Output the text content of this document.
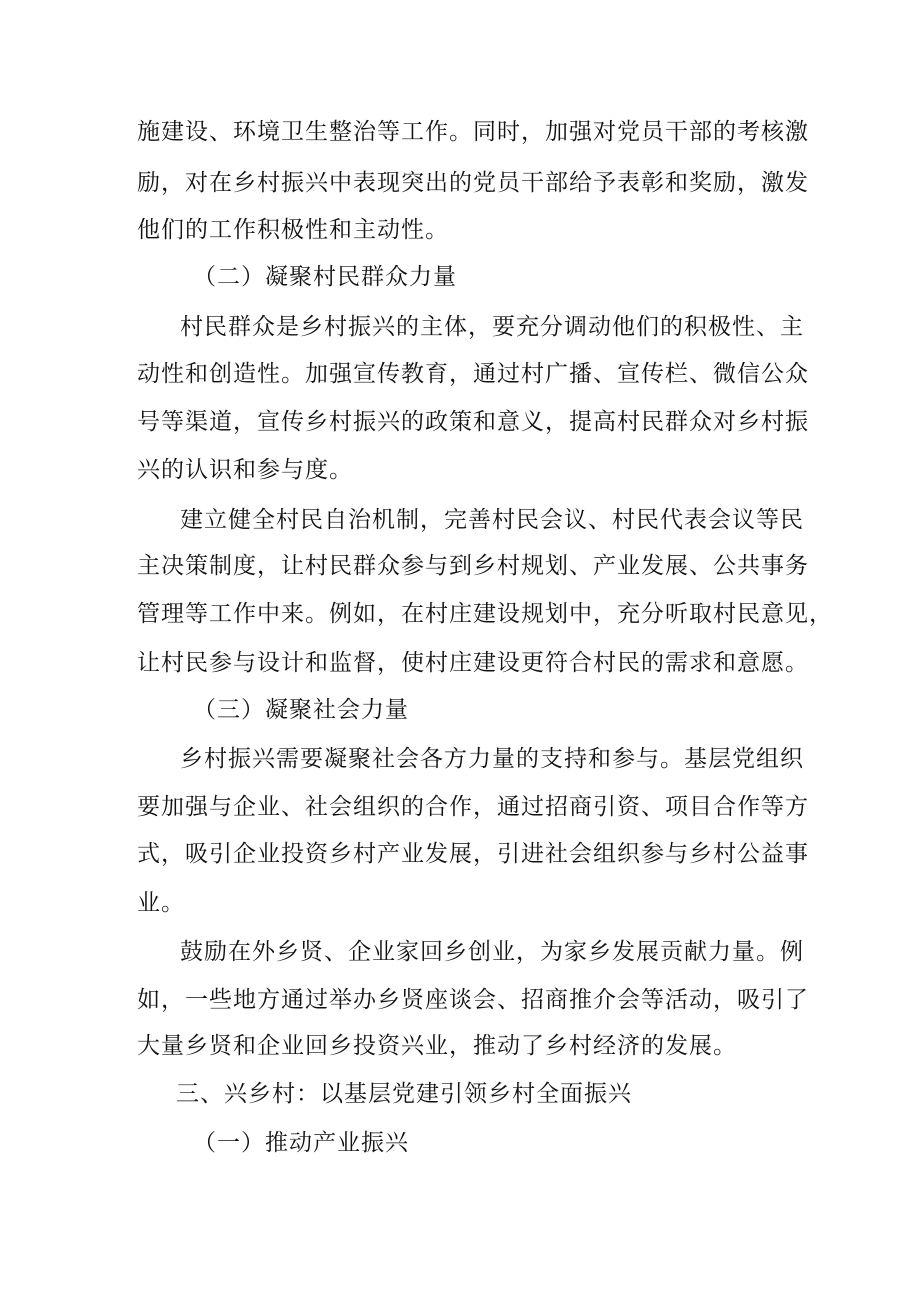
施建设、环境卫生整治等工作。同时，加强对党员干部的考核激
励，对在乡村振兴中表现突出的党员干部给予表彰和奖励，激发
他们的工作积极性和主动性。
（二）凝聚村民群众力量
村民群众是乡村振兴的主体，要充分调动他们的积极性、主
动性和创造性。加强宣传教育，通过村广播、宣传栏、微信公众
号等渠道，宣传乡村振兴的政策和意义，提高村民群众对乡村振
兴的认识和参与度。
建立健全村民自治机制，完善村民会议、村民代表会议等民
主决策制度，让村民群众参与到乡村规划、产业发展、公共事务
管理等工作中来。例如，在村庄建设规划中，充分听取村民意见，
让村民参与设计和监督，使村庄建设更符合村民的需求和意愿。
（三）凝聚社会力量
乡村振兴需要凝聚社会各方力量的支持和参与。基层党组织
要加强与企业、社会组织的合作，通过招商引资、项目合作等方
式，吸引企业投资乡村产业发展，引进社会组织参与乡村公益事
业。
鼓励在外乡贤、企业家回乡创业，为家乡发展贡献力量。例
如，一些地方通过举办乡贤座谈会、招商推介会等活动，吸引了
大量乡贤和企业回乡投资兴业，推动了乡村经济的发展。
三、兴乡村：以基层党建引领乡村全面振兴
（一）推动产业振兴
